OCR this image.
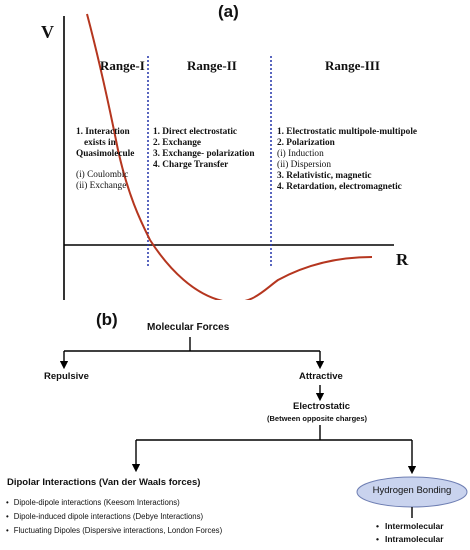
(a)
V
R
Range-I
1. Interaction
exists in
Quasimolecule
(i) Coulombic
(ii) Exchange
Range-II
1. Direct electrostatic
2. Exchange
3. Exchange- polarization
4. Charge Transfer
Range-III
1. Electrostatic multipole-multipole
2. Polarization
(i) Induction
(ii) Dispersion
3. Relativistic, magnetic
4. Retardation, electromagnetic
(b)	Molecular Forces
Repulsive	Attractive
Electrostatic
(Between opposite charges)
Dipolar Interactions (Van der Waals forces)
• Dipole-dipole interactions (Keesom Interactions)
• Dipole-induced dipole interactions (Debye Interactions)
• Fluctuating Dipoles (Dispersive interactions, London Forces)
Hydrogen Bonding
• Intermolecular
• Intramolecular
